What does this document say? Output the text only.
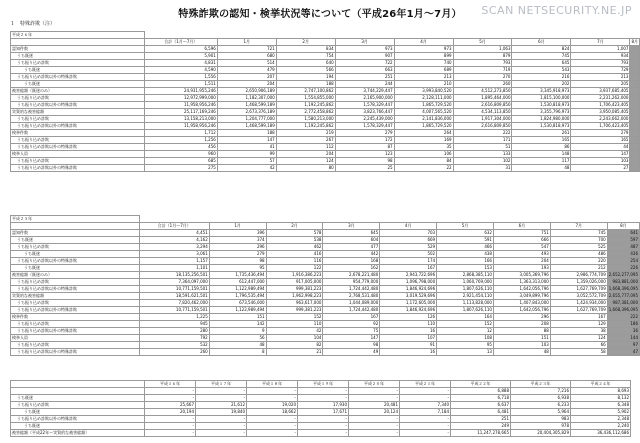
特殊詐欺の認知・検挙状況等について（平成26年1月～7月）	SCAN NETSECURITY.NE.JP
１　特殊詐欺（注）
平成２６年									
	合計（1月～7月）	1月	2月	3月	4月	5月	6月	7月	8月
認知件数	6,596	721	834	973	973	1,063	824	1,007	
うち既遂	5,901	680	754	907	899	879	745	934	
うち振り込め詐欺	4,831	514	640	722	740	793	645	793	
うち既遂	4,590	479	566	663	689	719	543	729	
うち振り込め詐欺以外の特殊詐欺	1,556	207	194	251	213	270	216	213	
うち既遂	1,511	204	188	244	210	260	202	205	
被害総額（既遂のみ）	24,931,955,246	2,650,906,189	2,747,100,862	3,744,229,447	3,993,840,520	4,512,273,850	3,345,918,973	3,937,685,405	
うち振り込め詐欺	12,972,999,000	1,182,307,000	1,554,855,000	2,165,900,000	2,128,111,000	1,895,464,000	1,815,100,000	2,231,262,000	
うち振り込め詐欺以外の特殊詐欺	11,958,956,246	1,468,599,189	1,192,245,862	1,578,329,447	1,865,729,520	2,616,809,850	1,530,818,973	1,706,423,405	
実質的な被害総額	25,117,169,246	2,673,376,189	2,772,458,862	3,823,766,447	4,007,565,520	4,534,113,850	3,355,796,973	3,950,085,405	
うち振り込め詐欺	13,158,213,000	1,204,777,000	1,580,213,000	2,245,439,000	2,141,836,000	1,917,304,000	1,824,980,000	2,243,662,000	
うち振り込め詐欺以外の特殊詐欺	11,958,956,246	1,468,599,189	1,192,245,862	1,578,329,447	1,865,729,520	2,616,809,850	1,530,818,973	1,706,423,405	
検挙件数	1,712	188	219	279	264	222	261	279	
うち振り込め詐欺	1,256	147	267	172	169	171	165	165	
うち振り込め詐欺以外の特殊詐欺	456	41	112	87	35	51	86	44	
検挙人員	960	99	204	123	106	133	148	147	
うち振り込め詐欺	685	57	124	98	84	102	117	103	
うち振り込め詐欺以外の特殊詐欺	275	42	80	25	22	31	48	27	
平成２５年									
	合計（1月～7月）	1月	2月	3月	4月	5月	6月	7月	8月
認知件数	4,451	396	578	645	703	632	751	745	641
うち既遂	4,162	374	538	604	669	591	666	700	597
うち振り込め詐欺	3,294	296	462	477	529	466	547	525	487
うち既遂	3,061	279	416	442	502	438	493	486	436
うち振り込め詐欺以外の特殊詐欺	1,157	98	116	168	174	166	204	220	254
うち既遂	1,101	95	122	162	167	153	193	212	226
被害総額（既遂のみ）	18,135,256,501	1,735,436,494	1,916,386,223	2,678,221,480	2,943,722,696	2,868,385,110	3,005,369,796	2,986,774,709	2,652,277,095
うち振り込め詐欺	7,364,097,000	612,447,000	917,005,000	954,779,000	1,096,798,000	1,060,769,000	1,363,313,000	1,359,026,000	983,881,000
うち振り込め詐欺以外の特殊詐欺	10,771,159,501	1,122,989,494	999,381,223	1,724,442,480	1,846,924,696	1,807,626,110	1,642,056,796	1,627,769,709	1,668,396,095
実質的な被害総額	18,591,621,501	1,796,535,494	1,962,998,223	2,768,531,480	3,019,529,696	2,921,454,110	3,049,899,796	3,052,572,709	2,655,777,095
うち振り込め詐欺	7,820,462,000	673,546,000	963,617,000	1,044,089,000	1,172,605,000	1,113,828,000	1,407,843,000	1,424,934,000	987,381,000
うち振り込め詐欺以外の特殊詐欺	10,771,159,501	1,122,989,494	999,381,223	1,724,442,480	1,846,924,696	1,807,626,110	1,642,056,796	1,627,769,709	1,668,396,095
検挙件数	1,225	151	152	167	126	164	296	167	222
うち振り込め詐欺	945	142	110	92	110	152	208	129	186
うち振り込め詐欺以外の特殊詐欺	280	9	42	75	16	12	88	38	36
検挙人員	792	56	104	147	107	108	151	124	144
うち振り込め詐欺	532	48	82	98	91	95	103	66	97
うち振り込め詐欺以外の特殊詐欺	260	8	21	49	16	13	48	58	47
	平成１６年	平成１７年	平成１８年	平成１９年	平成２０年	平成２１年	平成２２年	平成２３年	平成２４年
	-	-	-	-	-	-	6,888	7,216	8,693
うち既遂	-	-	-	-	-	-	6,718	6,938	8,132
うち振り込め詐欺	25,667	21,612	19,020	17,930	20,481	7,340	6,637	6,233	6,348
うち既遂	20,194	19,840	18,662	17,671	20,124	7,184	6,481	5,964	5,902
うち振り込め詐欺以外の特殊詐欺	-	-	-	-	-	-	251	983	2,348
うち既遂	-	-	-	-	-	-	249	978	2,240
被害総額（平成22年～実質的な被害総額）	-	-	-	-	-	-	11,247,278,665	20,404,305,829	36,436,112,686
